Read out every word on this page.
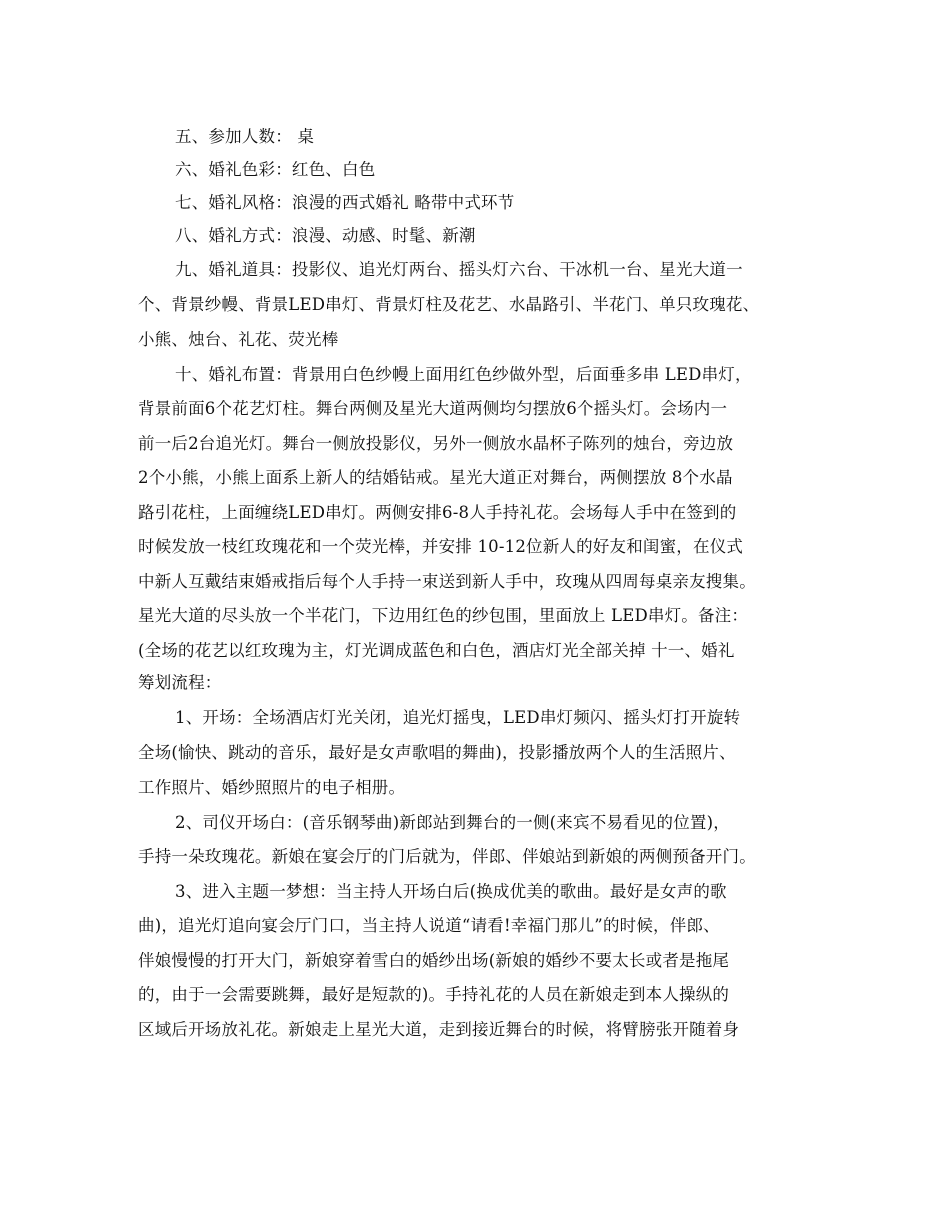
五、参加人数： 桌
六、婚礼色彩：红色、白色
七、婚礼风格：浪漫的西式婚礼 略带中式环节
八、婚礼方式：浪漫、动感、时髦、新潮
九、婚礼道具：投影仪、追光灯两台、摇头灯六台、干冰机一台、星光大道一
个、背景纱幔、背景LED串灯、背景灯柱及花艺、水晶路引、半花门、单只玫瑰花、
小熊、烛台、礼花、荧光棒
十、婚礼布置：背景用白色纱幔上面用红色纱做外型，后面垂多串 LED串灯，
背景前面6个花艺灯柱。舞台两侧及星光大道两侧均匀摆放6个摇头灯。会场内一
前一后2台追光灯。舞台一侧放投影仪，另外一侧放水晶杯子陈列的烛台，旁边放
2个小熊，小熊上面系上新人的结婚钻戒。星光大道正对舞台，两侧摆放 8个水晶
路引花柱，上面缠绕LED串灯。两侧安排6-8人手持礼花。会场每人手中在签到的
时候发放一枝红玫瑰花和一个荧光棒，并安排 10-12位新人的好友和闺蜜，在仪式
中新人互戴结束婚戒指后每个人手持一束送到新人手中，玫瑰从四周每桌亲友搜集。
星光大道的尽头放一个半花门，下边用红色的纱包围，里面放上 LED串灯。备注：
(全场的花艺以红玫瑰为主，灯光调成蓝色和白色，酒店灯光全部关掉 十一、婚礼
筹划流程：
1、开场：全场酒店灯光关闭，追光灯摇曳，LED串灯频闪、摇头灯打开旋转
全场(愉快、跳动的音乐，最好是女声歌唱的舞曲)，投影播放两个人的生活照片、
工作照片、婚纱照照片的电子相册。
2、司仪开场白：(音乐钢琴曲)新郎站到舞台的一侧(来宾不易看见的位置)，
手持一朵玫瑰花。新娘在宴会厅的门后就为，伴郎、伴娘站到新娘的两侧预备开门。
3、进入主题一梦想：当主持人开场白后(换成优美的歌曲。最好是女声的歌
曲)，追光灯追向宴会厅门口，当主持人说道“请看!幸福门那儿”的时候，伴郎、
伴娘慢慢的打开大门，新娘穿着雪白的婚纱出场(新娘的婚纱不要太长或者是拖尾
的，由于一会需要跳舞，最好是短款的)。手持礼花的人员在新娘走到本人操纵的
区域后开场放礼花。新娘走上星光大道，走到接近舞台的时候，将臂膀张开随着身
